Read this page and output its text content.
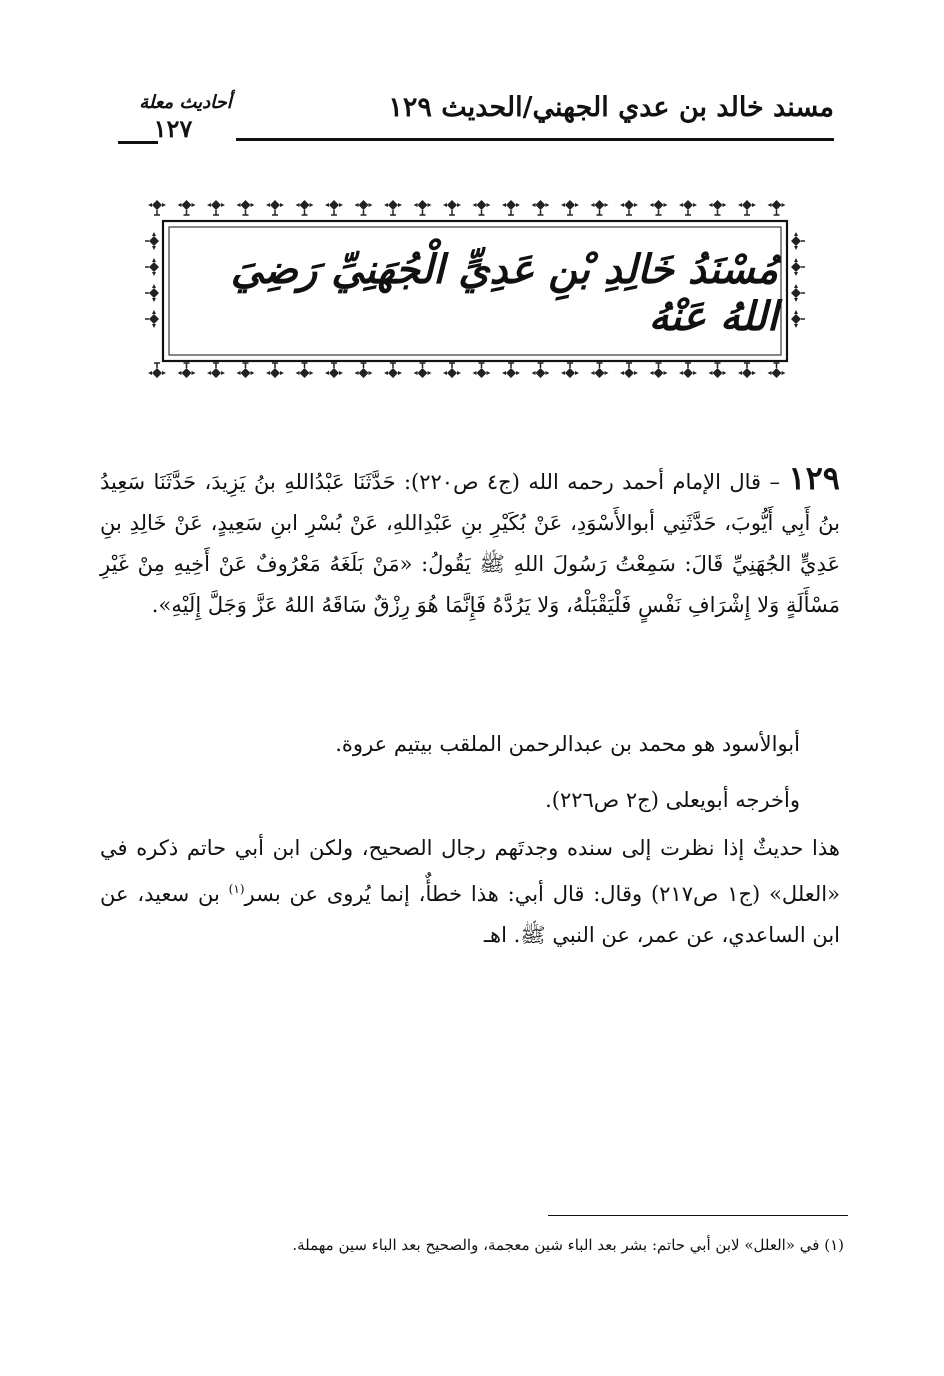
مسند خالد بن عدي الجهني/الحديث ١٢٩
أحاديث معلة
١٢٧
مُسْنَدُ خَالِدِ بْنِ عَدِيٍّ الْجُهَنِيِّ رَضِيَ اللهُ عَنْهُ
١٢٩ – قال الإمام أحمد رحمه الله (ج٤ ص٢٢٠): حَدَّثَنَا عَبْدُاللهِ بنُ يَزِيدَ، حَدَّثَنَا سَعِيدُ بنُ أَبِي أَيُّوبَ، حَدَّثَنِي أبوالأَسْوَدِ، عَنْ بُكَيْرِ بنِ عَبْدِاللهِ، عَنْ بُسْرِ ابنِ سَعِيدٍ، عَنْ خَالِدِ بنِ عَدِيٍّ الجُهَنِيِّ قَالَ: سَمِعْتُ رَسُولَ اللهِ ﷺ يَقُولُ: «مَنْ بَلَغَهُ مَعْرُوفٌ عَنْ أَخِيهِ مِنْ غَيْرِ مَسْأَلَةٍ وَلا إِشْرَافِ نَفْسٍ فَلْيَقْبَلْهُ، وَلا يَرُدَّهُ فَإِنَّمَا هُوَ رِزْقٌ سَاقَهُ اللهُ عَزَّ وَجَلَّ إِلَيْهِ».
أبوالأسود هو محمد بن عبدالرحمن الملقب بيتيم عروة.
وأخرجه أبويعلى (ج٢ ص٢٢٦).
هذا حديثٌ إذا نظرت إلى سنده وجدتَهم رجال الصحيح، ولكن ابن أبي حاتم ذكره في «العلل» (ج١ ص٢١٧) وقال: قال أبي: هذا خطأٌ، إنما يُروى عن بسر$^{(١)}$ بن سعيد، عن ابن الساعدي، عن عمر، عن النبي ﷺ. اهـ
(١) في «العلل» لابن أبي حاتم: بشر بعد الباء شين معجمة، والصحيح بعد الباء سين مهملة.
